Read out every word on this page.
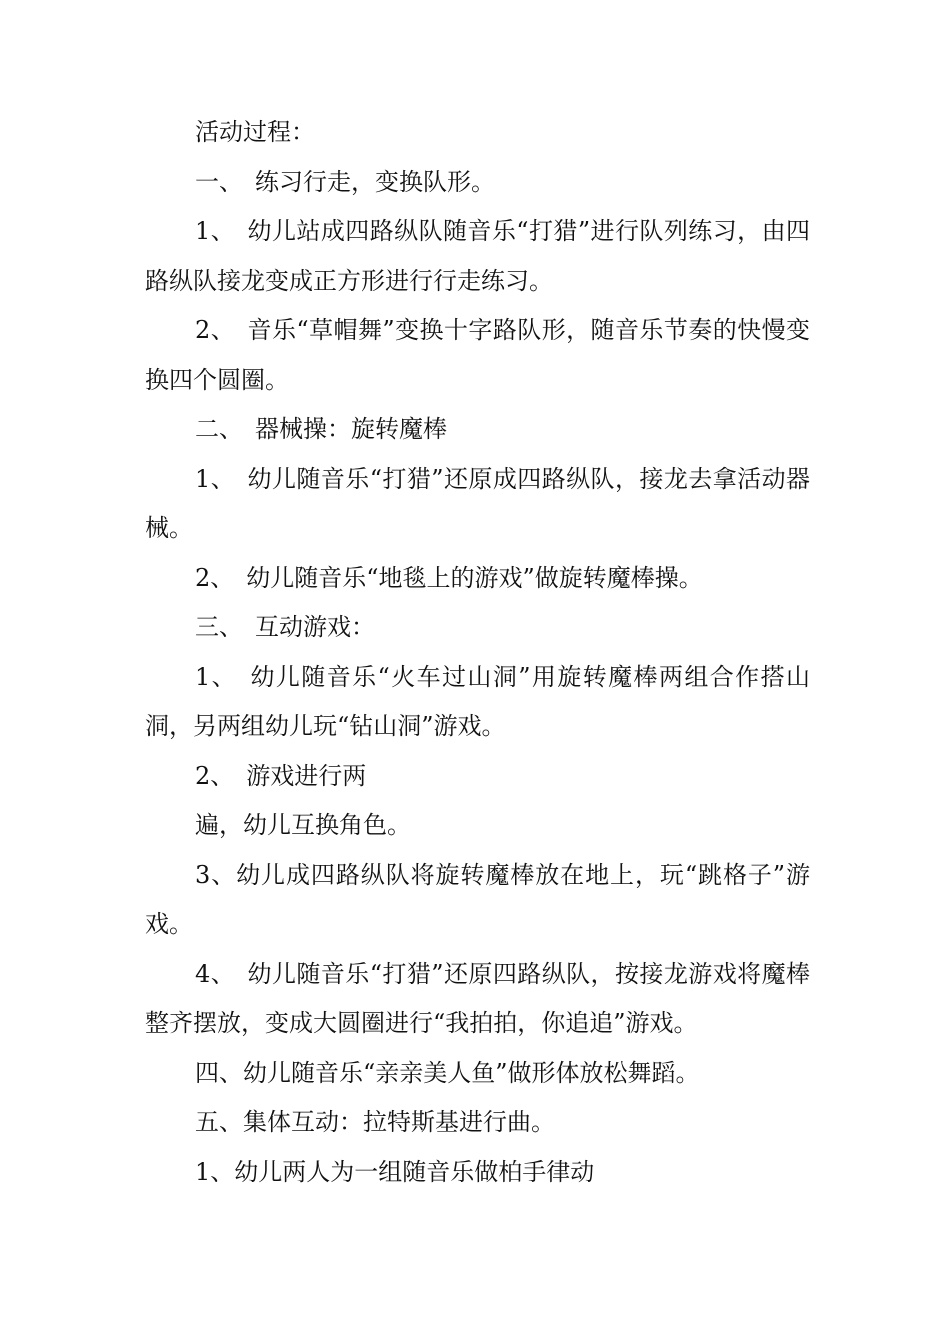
活动过程：

一、　练习行走，变换队形。

1、　幼儿站成四路纵队随音乐“打猎”进行队列练习，由四路纵队接龙变成正方形进行行走练习。

2、　音乐“草帽舞”变换十字路队形，随音乐节奏的快慢变换四个圆圈。

二、　器械操：旋转魔棒

1、　幼儿随音乐“打猎”还原成四路纵队，接龙去拿活动器械。

2、　幼儿随音乐“地毯上的游戏”做旋转魔棒操。

三、　互动游戏：

1、　幼儿随音乐“火车过山洞”用旋转魔棒两组合作搭山洞，另两组幼儿玩“钻山洞”游戏。

2、　游戏进行两

遍，幼儿互换角色。

3、幼儿成四路纵队将旋转魔棒放在地上，玩“跳格子”游戏。

4、　幼儿随音乐“打猎”还原四路纵队，按接龙游戏将魔棒整齐摆放，变成大圆圈进行“我拍拍，你追追”游戏。

四、幼儿随音乐“亲亲美人鱼”做形体放松舞蹈。

五、集体互动：拉特斯基进行曲。

1、幼儿两人为一组随音乐做柏手律动
